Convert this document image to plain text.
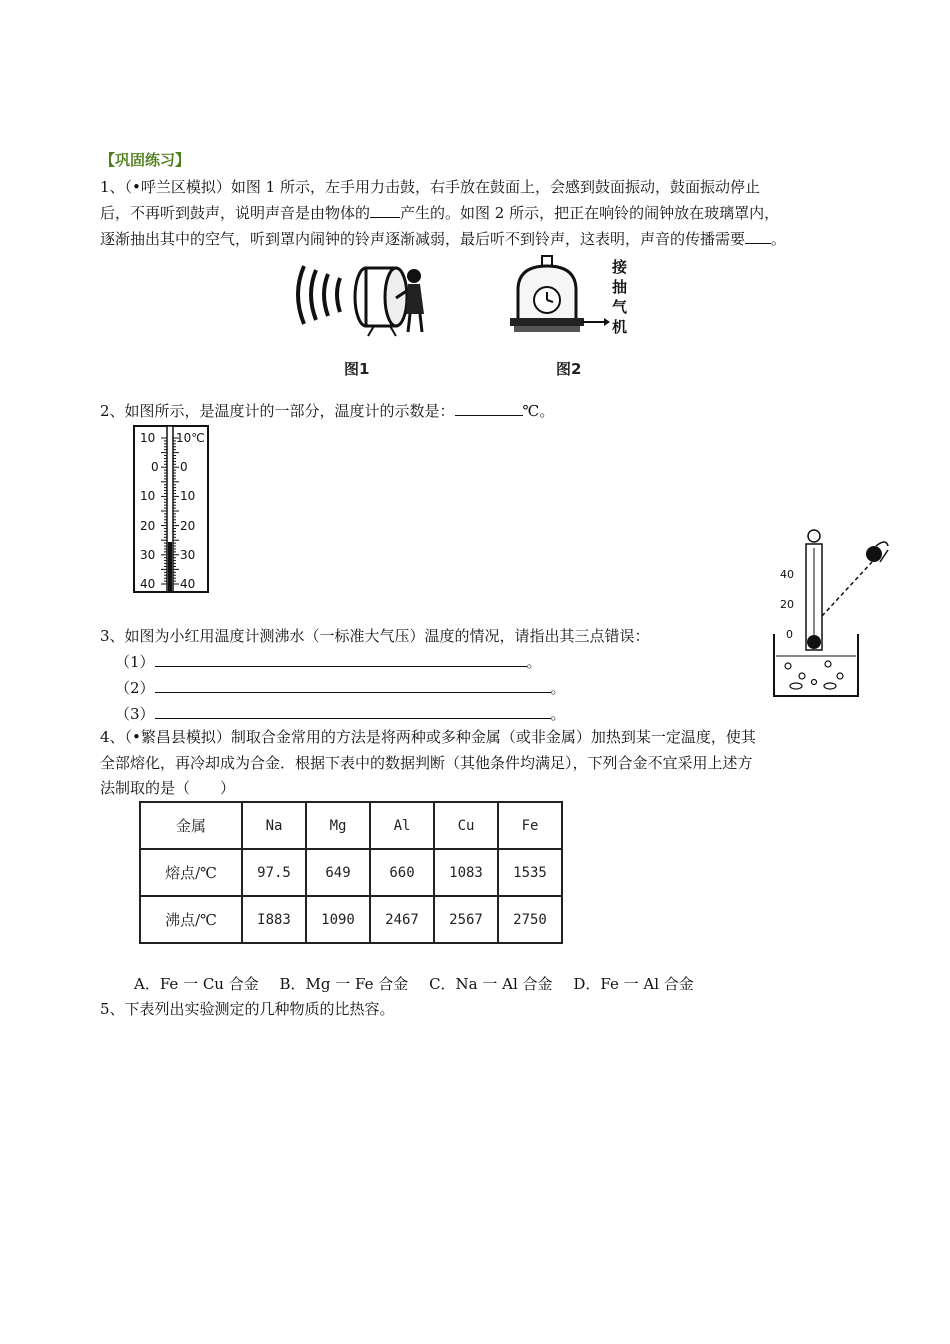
【巩固练习】
1、（•呼兰区模拟）如图 1 所示，左手用力击鼓，右手放在鼓面上，会感到鼓面振动，鼓面振动停止
后，不再听到鼓声，说明声音是由物体的 产生的。如图 2 所示，把正在响铃的闹钟放在玻璃罩内，
逐渐抽出其中的空气，听到罩内闹钟的铃声逐渐减弱，最后听不到铃声，这表明，声音的传播需要 。
图1
接
抽
气
机
图2
2、如图所示，是温度计的一部分，温度计的示数是：	℃。
10
0
10
20
30
40
10℃
0
10
20
30
40
40
20
0
3、如图为小红用温度计测沸水（一标准大气压）温度的情况，请指出其三点错误：
（1）	。
（2）	。
（3）	。
4、（•繁昌县模拟）制取合金常用的方法是将两种或多种金属（或非金属）加热到某一定温度，使其
全部熔化，再冷却成为合金．根据下表中的数据判断（其他条件均满足），下列合金不宜采用上述方
法制取的是（　　）
金属	Na	Mg	Al	Cu	Fe
熔点/℃	97.5	649	660	1083	1535
沸点/℃	I883	1090	2467	2567	2750
A．Fe 一 Cu 合金 B．Mg 一 Fe 合金 C．Na 一 Al 合金 D．Fe 一 Al 合金
5、下表列出实验测定的几种物质的比热容。
